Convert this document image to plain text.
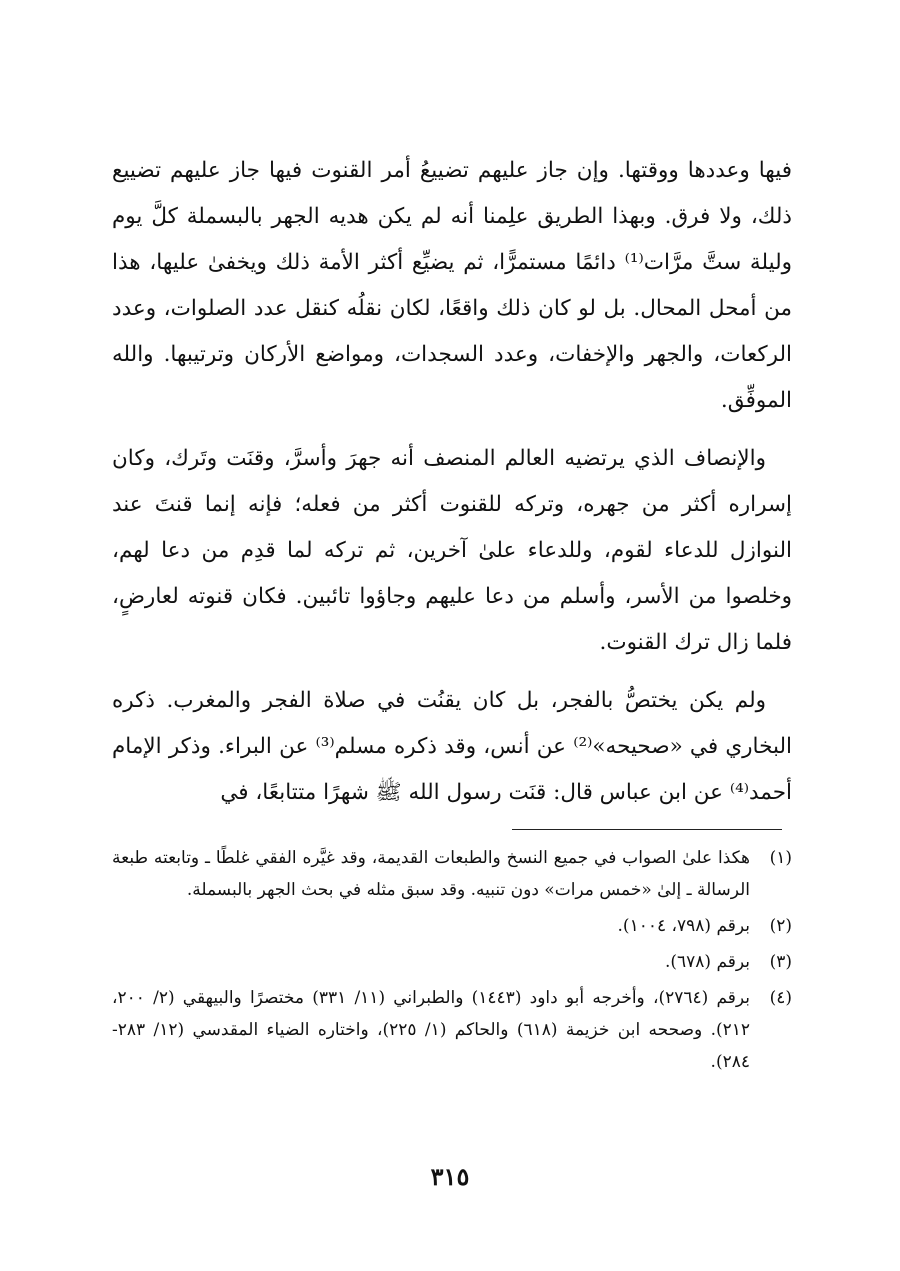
فيها وعددها ووقتها. وإن جاز عليهم تضييعُ أمر القنوت فيها جاز عليهم تضييع ذلك، ولا فرق. وبهذا الطريق علِمنا أنه لم يكن هديه الجهر بالبسملة كلَّ يوم وليلة ستَّ مرَّات⁽¹⁾ دائمًا مستمرًّا، ثم يضيِّع أكثر الأمة ذلك ويخفىٰ عليها، هذا من أمحل المحال. بل لو كان ذلك واقعًا، لكان نقلُه كنقل عدد الصلوات، وعدد الركعات، والجهر والإخفات، وعدد السجدات، ومواضع الأركان وترتيبها. والله الموفِّق.

والإنصاف الذي يرتضيه العالم المنصف أنه جهرَ وأسرَّ، وقنَت وتَرك، وكان إسراره أكثر من جهره، وتركه للقنوت أكثر من فعله؛ فإنه إنما قنتَ عند النوازل للدعاء لقوم، وللدعاء علىٰ آخرين، ثم تركه لما قدِم من دعا لهم، وخلصوا من الأسر، وأسلم من دعا عليهم وجاؤوا تائبين. فكان قنوته لعارضٍ، فلما زال ترك القنوت.

ولم يكن يختصُّ بالفجر، بل كان يقنُت في صلاة الفجر والمغرب. ذكره البخاري في «صحيحه»⁽²⁾ عن أنس، وقد ذكره مسلم⁽³⁾ عن البراء. وذكر الإمام أحمد⁽⁴⁾ عن ابن عباس قال: قنَت رسول الله ﷺ شهرًا متتابعًا، في

(١)
هكذا علىٰ الصواب في جميع النسخ والطبعات القديمة، وقد غيَّره الفقي غلطًا ـ وتابعته طبعة الرسالة ـ إلىٰ «خمس مرات» دون تنبيه. وقد سبق مثله في بحث الجهر بالبسملة.
(٢)
برقم (٧٩٨، ١٠٠٤).
(٣)
برقم (٦٧٨).
(٤)
برقم (٢٧٦٤)، وأخرجه أبو داود (١٤٤٣) والطبراني (١١/ ٣٣١) مختصرًا والبيهقي (٢/ ٢٠٠، ٢١٢). وصححه ابن خزيمة (٦١٨) والحاكم (١/ ٢٢٥)، واختاره الضياء المقدسي (١٢/ ٢٨٣- ٢٨٤).
٣١٥
